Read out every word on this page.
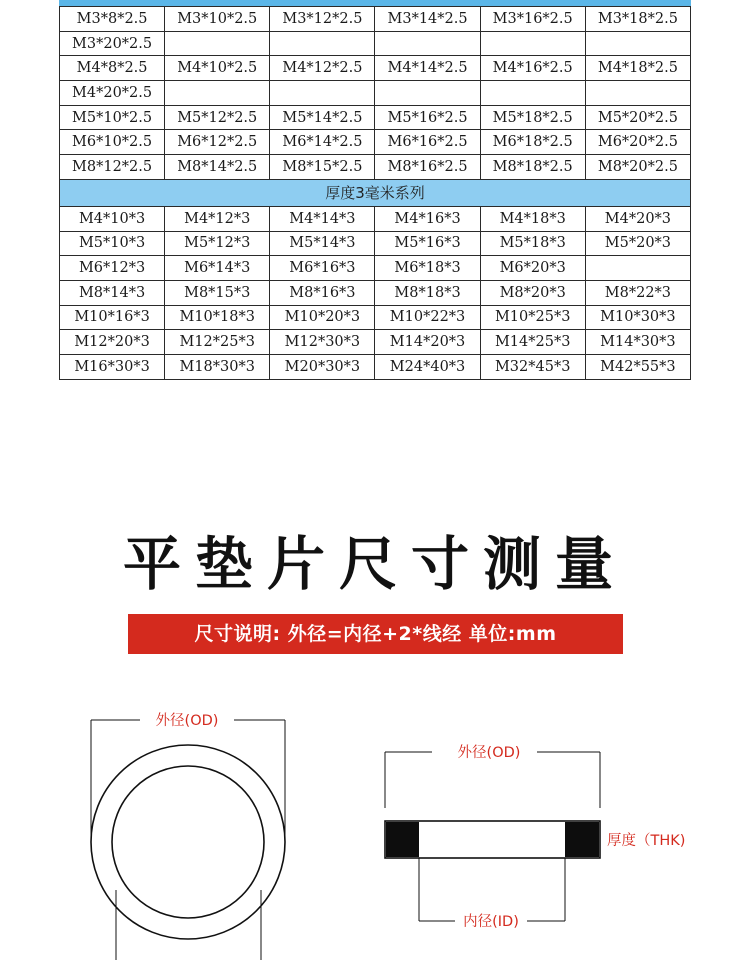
M3*8*2.5	M3*10*2.5	M3*12*2.5	M3*14*2.5	M3*16*2.5	M3*18*2.5
M3*20*2.5					
M4*8*2.5	M4*10*2.5	M4*12*2.5	M4*14*2.5	M4*16*2.5	M4*18*2.5
M4*20*2.5					
M5*10*2.5	M5*12*2.5	M5*14*2.5	M5*16*2.5	M5*18*2.5	M5*20*2.5
M6*10*2.5	M6*12*2.5	M6*14*2.5	M6*16*2.5	M6*18*2.5	M6*20*2.5
M8*12*2.5	M8*14*2.5	M8*15*2.5	M8*16*2.5	M8*18*2.5	M8*20*2.5
厚度3毫米系列					
M4*10*3	M4*12*3	M4*14*3	M4*16*3	M4*18*3	M4*20*3
M5*10*3	M5*12*3	M5*14*3	M5*16*3	M5*18*3	M5*20*3
M6*12*3	M6*14*3	M6*16*3	M6*18*3	M6*20*3	
M8*14*3	M8*15*3	M8*16*3	M8*18*3	M8*20*3	M8*22*3
M10*16*3	M10*18*3	M10*20*3	M10*22*3	M10*25*3	M10*30*3
M12*20*3	M12*25*3	M12*30*3	M14*20*3	M14*25*3	M14*30*3
M16*30*3	M18*30*3	M20*30*3	M24*40*3	M32*45*3	M42*55*3
平垫片尺寸测量
尺寸说明: 外径=内径+2*线经 单位:mm
外径(OD)
外径(OD)
厚度（THK)
内径(ID)
